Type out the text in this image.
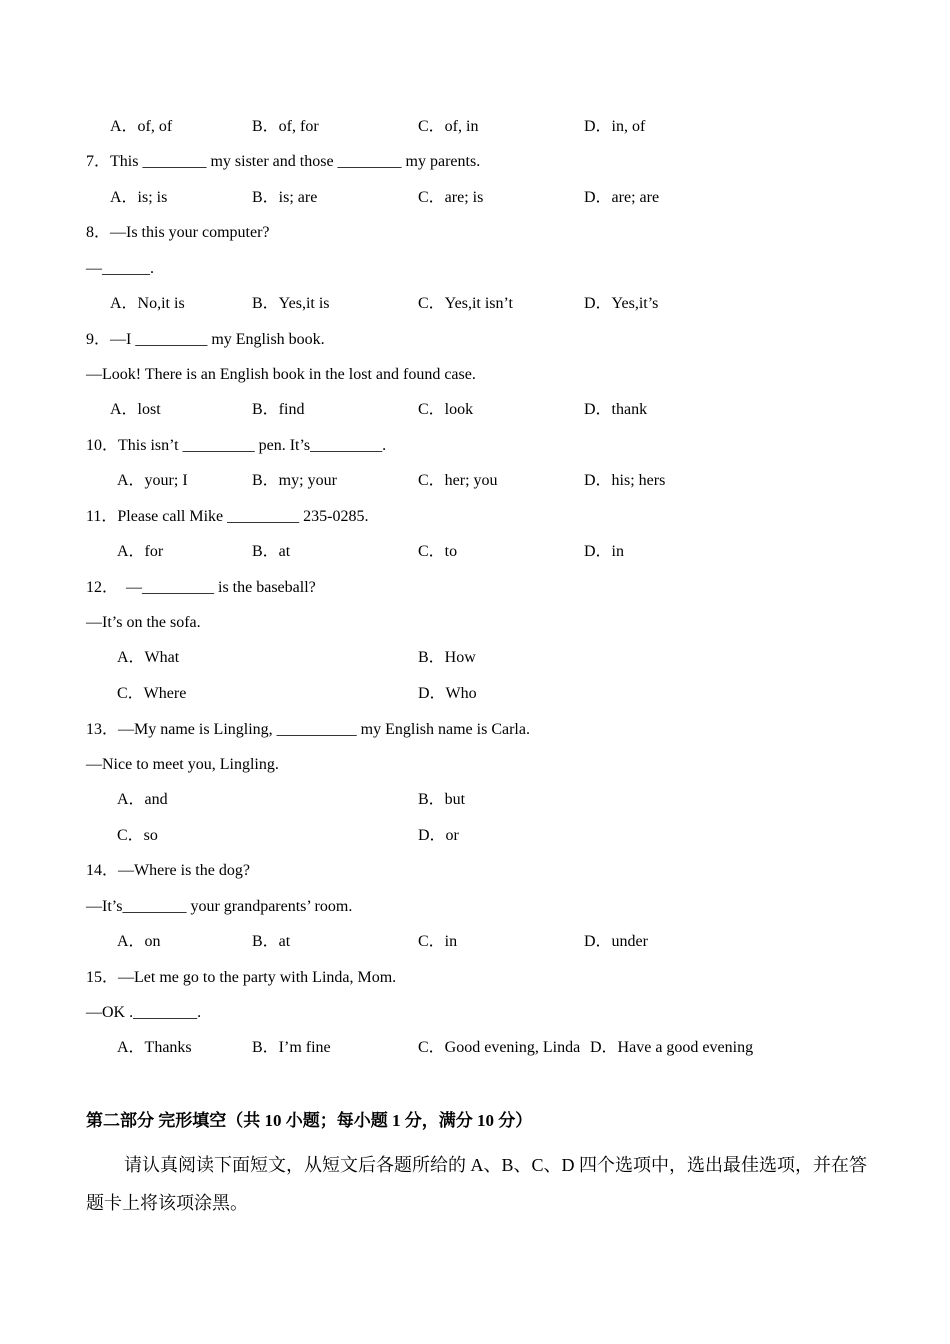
A．of, of	B．of, for	C．of, in	D．in, of
7．This ________ my sister and those ________ my parents.
A．is; is	B．is; are	C．are; is	D．are; are
8．—Is this your computer?
—______.
A．No,it is	B．Yes,it is	C．Yes,it isn’t	D．Yes,it’s
9．—I _________ my English book.
—Look! There is an English book in the lost and found case.
A．lost	B．find	C．look	D．thank
10．This isn’t _________ pen. It’s_________.
A．your; I	B．my; your	C．her; you	D．his; hers
11．Please call Mike _________ 235-0285.
A．for	B．at	C．to	D．in
12．  —_________ is the baseball?
—It’s on the sofa.
A．What	B．How
C．Where	D．Who
13．—My name is Lingling, __________ my English name is Carla.
—Nice to meet you, Lingling.
A．and	B．but
C．so	D．or
14．—Where is the dog?
—It’s________ your grandparents’ room.
A．on	B．at	C．in	D．under
15．—Let me go to the party with Linda, Mom.
—OK .________.
A．Thanks	B．I’m fine	C．Good evening, Linda D．Have a good evening
第二部分 完形填空（共 10 小题；每小题 1 分，满分 10 分）
请认真阅读下面短文，从短文后各题所给的 A、B、C、D 四个选项中，选出最佳选项，并在答题卡上将该项涂黑。
